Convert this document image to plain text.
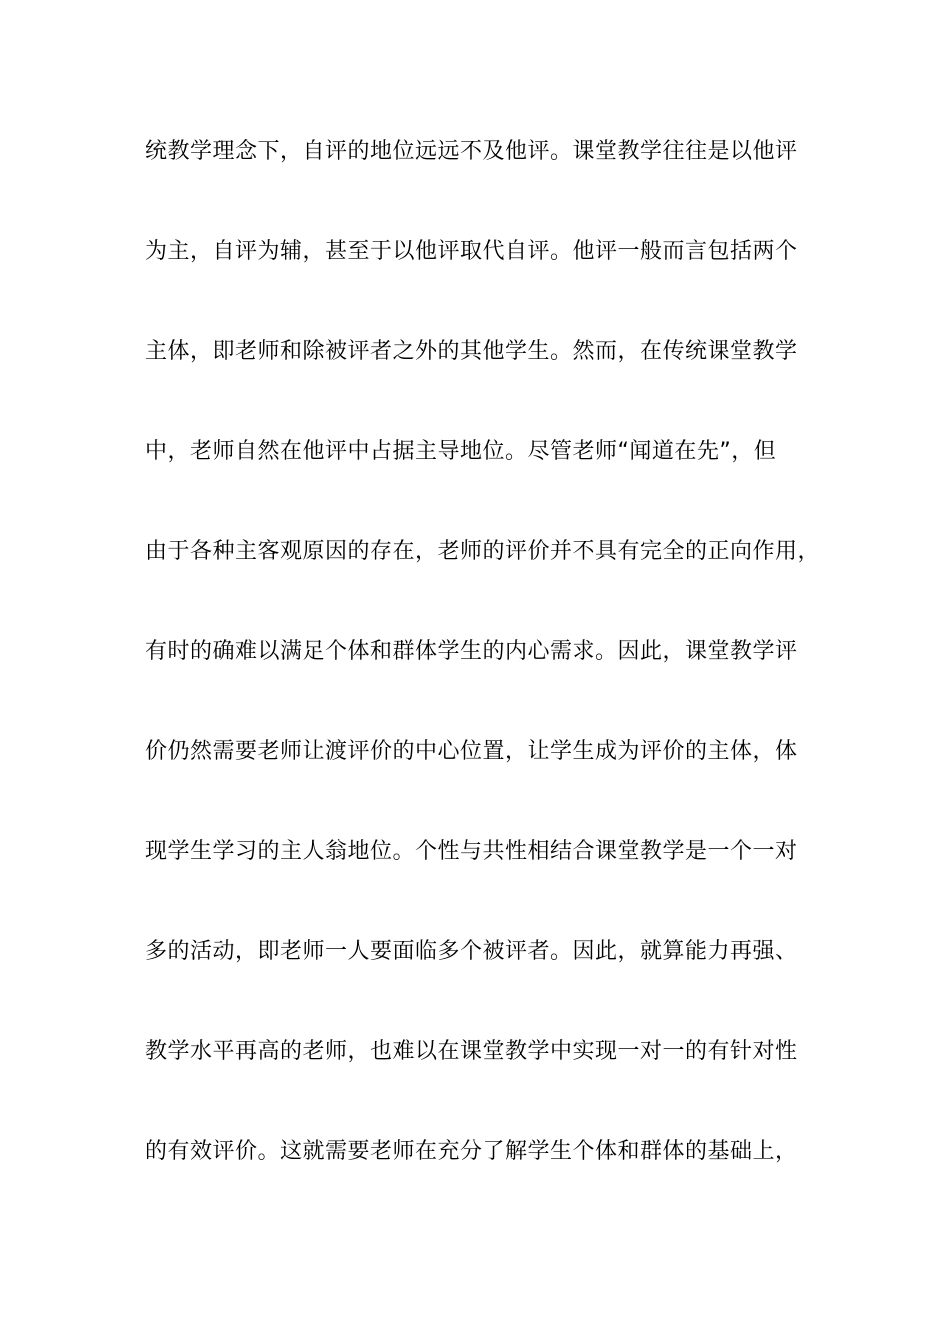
统教学理念下，自评的地位远远不及他评。课堂教学往往是以他评
为主，自评为辅，甚至于以他评取代自评。他评一般而言包括两个
主体，即老师和除被评者之外的其他学生。然而，在传统课堂教学
中，老师自然在他评中占据主导地位。尽管老师“闻道在先”，但
由于各种主客观原因的存在，老师的评价并不具有完全的正向作用，
有时的确难以满足个体和群体学生的内心需求。因此，课堂教学评
价仍然需要老师让渡评价的中心位置，让学生成为评价的主体，体
现学生学习的主人翁地位。个性与共性相结合课堂教学是一个一对
多的活动，即老师一人要面临多个被评者。因此，就算能力再强、
教学水平再高的老师，也难以在课堂教学中实现一对一的有针对性
的有效评价。这就需要老师在充分了解学生个体和群体的基础上，
